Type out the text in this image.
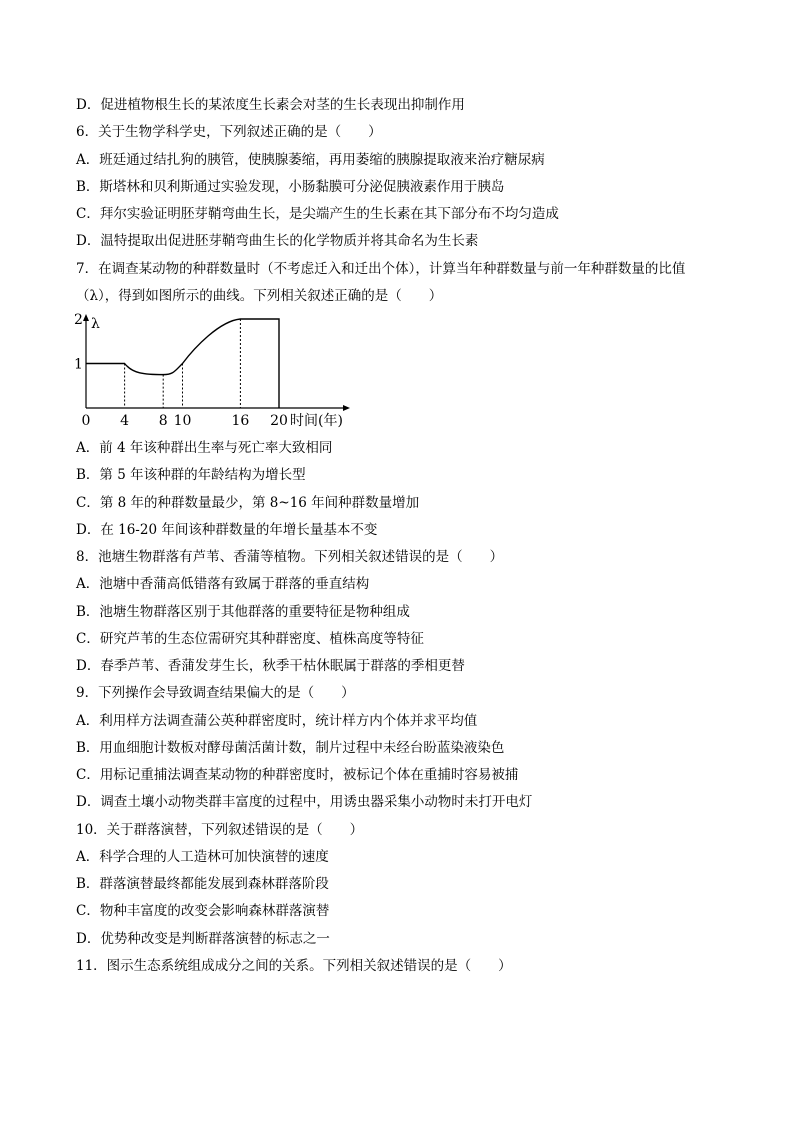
D．促进植物根生长的某浓度生长素会对茎的生长表现出抑制作用
6．关于生物学科学史，下列叙述正确的是（　　）
A．班廷通过结扎狗的胰管，使胰腺萎缩，再用萎缩的胰腺提取液来治疗糖尿病
B．斯塔林和贝利斯通过实验发现，小肠黏膜可分泌促胰液素作用于胰岛
C．拜尔实验证明胚芽鞘弯曲生长，是尖端产生的生长素在其下部分布不均匀造成
D．温特提取出促进胚芽鞘弯曲生长的化学物质并将其命名为生长素
7．在调查某动物的种群数量时（不考虑迁入和迁出个体），计算当年种群数量与前一年种群数量的比值
（λ），得到如图所示的曲线。下列相关叙述正确的是（　　）
A．前 4 年该种群出生率与死亡率大致相同
B．第 5 年该种群的年龄结构为增长型
C．第 8 年的种群数量最少，第 8~16 年间种群数量增加
D．在 16-20 年间该种群数量的年增长量基本不变
8．池塘生物群落有芦苇、香蒲等植物。下列相关叙述错误的是（　　）
A．池塘中香蒲高低错落有致属于群落的垂直结构
B．池塘生物群落区别于其他群落的重要特征是物种组成
C．研究芦苇的生态位需研究其种群密度、植株高度等特征
D．春季芦苇、香蒲发芽生长，秋季干枯休眠属于群落的季相更替
9．下列操作会导致调查结果偏大的是（　　）
A．利用样方法调查蒲公英种群密度时，统计样方内个体并求平均值
B．用血细胞计数板对酵母菌活菌计数，制片过程中未经台盼蓝染液染色
C．用标记重捕法调查某动物的种群密度时，被标记个体在重捕时容易被捕
D．调查土壤小动物类群丰富度的过程中，用诱虫器采集小动物时未打开电灯
10．关于群落演替，下列叙述错误的是（　　）
A．科学合理的人工造林可加快演替的速度
B．群落演替最终都能发展到森林群落阶段
C．物种丰富度的改变会影响森林群落演替
D．优势种改变是判断群落演替的标志之一
11．图示生态系统组成成分之间的关系。下列相关叙述错误的是（　　）
λ
1
2
0 4 8 10	16 20 时间(年)
